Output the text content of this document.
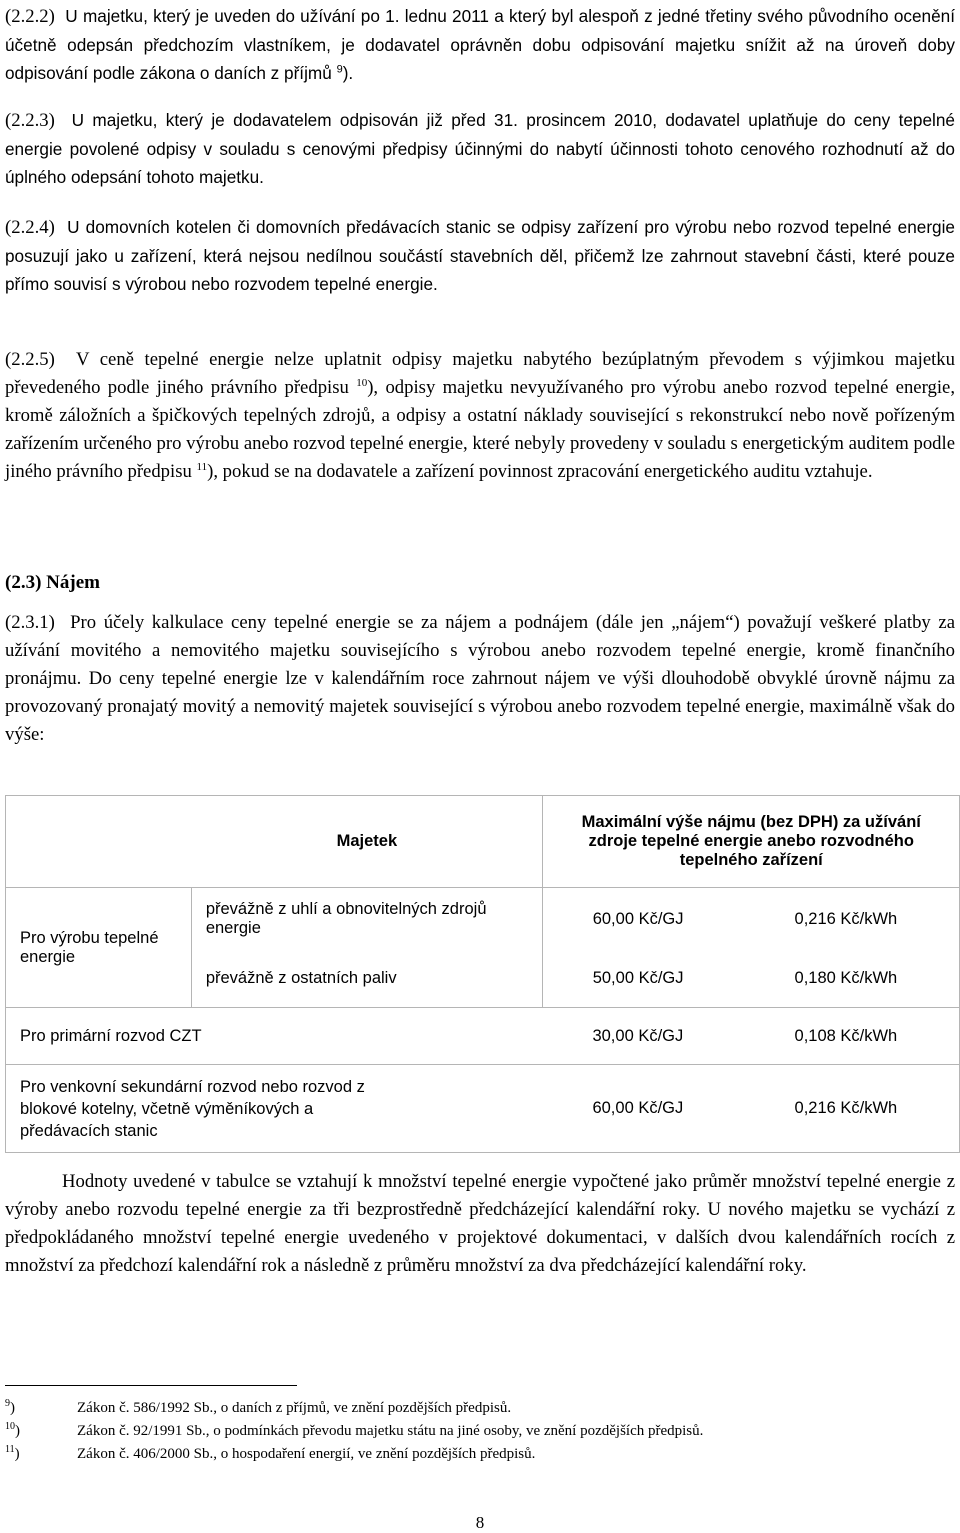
(2.2.2) U majetku, který je uveden do užívání po 1. lednu 2011 a který byl alespoň z jedné třetiny svého původního ocenění účetně odepsán předchozím vlastníkem, je dodavatel oprávněn dobu odpisování majetku snížit až na úroveň doby odpisování podle zákona o daních z příjmů $^9$).

(2.2.3) U majetku, který je dodavatelem odpisován již před 31. prosincem 2010, dodavatel uplatňuje do ceny tepelné energie povolené odpisy v souladu s cenovými předpisy účinnými do nabytí účinnosti tohoto cenového rozhodnutí až do úplného odepsání tohoto majetku.

(2.2.4) U domovních kotelen či domovních předávacích stanic se odpisy zařízení pro výrobu nebo rozvod tepelné energie posuzují jako u zařízení, která nejsou nedílnou součástí stavebních děl, přičemž lze zahrnout stavební části, které pouze přímo souvisí s výrobou nebo rozvodem tepelné energie.

(2.2.5) V ceně tepelné energie nelze uplatnit odpisy majetku nabytého bezúplatným převodem s výjimkou majetku převedeného podle jiného právního předpisu $^{10}$), odpisy majetku nevyužívaného pro výrobu anebo rozvod tepelné energie, kromě záložních a špičkových tepelných zdrojů, a odpisy a ostatní náklady související s rekonstrukcí nebo nově pořízeným zařízením určeného pro výrobu anebo rozvod tepelné energie, které nebyly provedeny v souladu s energetickým auditem podle jiného právního předpisu $^{11}$), pokud se na dodavatele a zařízení povinnost zpracování energetického auditu vztahuje.

(2.3) Nájem

(2.3.1) Pro účely kalkulace ceny tepelné energie se za nájem a podnájem (dále jen „nájem“) považují veškeré platby za užívání movitého a nemovitého majetku souvisejícího s výrobou anebo rozvodem tepelné energie, kromě finančního pronájmu. Do ceny tepelné energie lze v kalendářním roce zahrnout nájem ve výši dlouhodobě obvyklé úrovně nájmu za provozovaný pronajatý movitý a nemovitý majetek související s výrobou anebo rozvodem tepelné energie, maximálně však do výše:

	Majetek	Maximální výše nájmu (bez DPH) za užívání zdroje tepelné energie anebo rozvodného tepelného zařízení	
Pro výrobu tepelné energie	převážně z uhlí a obnovitelných zdrojů energie	60,00 Kč/GJ	0,216 Kč/kWh
	převážně z ostatních paliv	50,00 Kč/GJ	0,180 Kč/kWh
Pro primární rozvod CZT		30,00 Kč/GJ	0,108 Kč/kWh
Pro venkovní sekundární rozvod nebo rozvod z blokové kotelny, včetně výměníkových a předávacích stanic		60,00 Kč/GJ	0,216 Kč/kWh

Hodnoty uvedené v tabulce se vztahují k množství tepelné energie vypočtené jako průměr množství tepelné energie z výroby anebo rozvodu tepelné energie za tři bezprostředně předcházející kalendářní roky. U nového majetku se vychází z předpokládaného množství tepelné energie uvedeného v projektové dokumentaci, v dalších dvou kalendářních rocích z množství za předchozí kalendářní rok a následně z průměru množství za dva předcházející kalendářní roky.

$^9$)	Zákon č. 586/1992 Sb., o daních z příjmů, ve znění pozdějších předpisů.
$^{10}$)	Zákon č. 92/1991 Sb., o podmínkách převodu majetku státu na jiné osoby, ve znění pozdějších předpisů.
$^{11}$)	Zákon č. 406/2000 Sb., o hospodaření energií, ve znění pozdějších předpisů.
8
